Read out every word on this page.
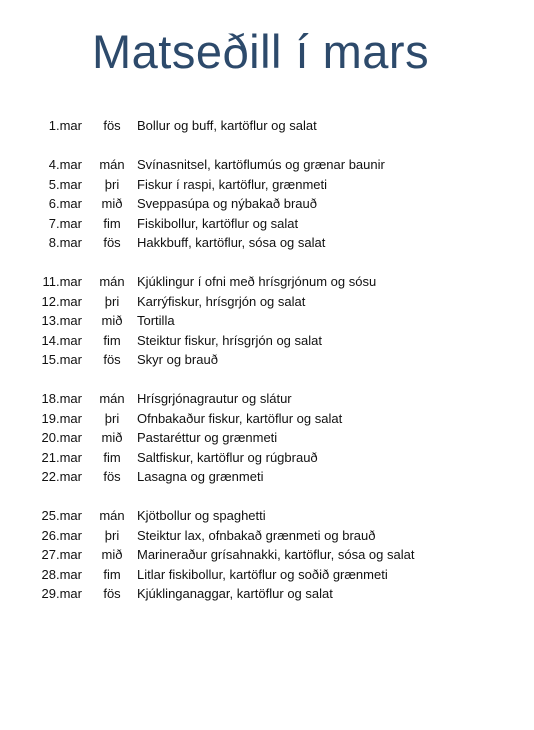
Matseðill í mars
1.mar	fös	Bollur og buff, kartöflur og salat
4.mar mán Svínasnitsel, kartöflumús og grænar baunir
5.mar	þri	Fiskur í raspi, kartöflur, grænmeti
6.mar	mið	Sveppasúpa og nýbakað brauð
7.mar	fim	Fiskibollur, kartöflur og salat
8.mar	fös	Hakkbuff, kartöflur, sósa og salat
11.mar mán Kjúklingur í ofni með hrísgrjónum og sósu
12.mar	þri	Karrýfiskur, hrísgrjón og salat
13.mar	mið	Tortilla
14.mar	fim	Steiktur fiskur, hrísgrjón og salat
15.mar	fös	Skyr og brauð
18.mar mán Hrísgrjónagrautur og slátur
19.mar	þri	Ofnbakaður fiskur, kartöflur og salat
20.mar	mið	Pastaréttur og grænmeti
21.mar	fim	Saltfiskur, kartöflur og rúgbrauð
22.mar	fös	Lasagna og grænmeti
25.mar mán Kjötbollur og spaghetti
26.mar	þri	Steiktur lax, ofnbakað grænmeti og brauð
27.mar	mið	Marineraður grísahnakki, kartöflur, sósa og salat
28.mar	fim	Litlar fiskibollur, kartöflur og soðið grænmeti
29.mar	fös	Kjúklinganaggar, kartöflur og salat
